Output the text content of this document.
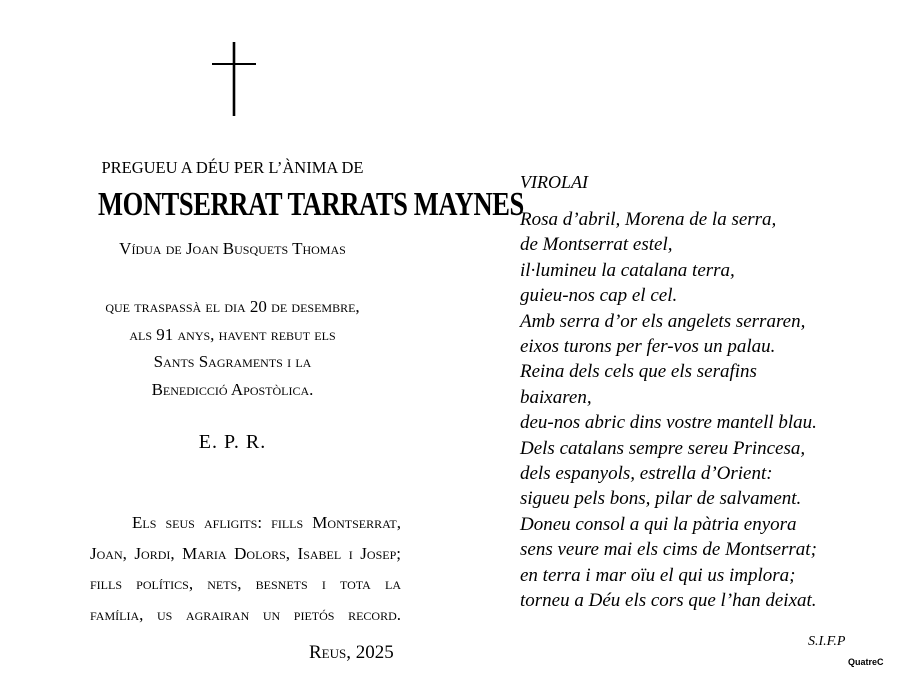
PREGUEU A DÉU PER L’ÀNIMA DE
MONTSERRAT TARRATS MAYNES
Vídua de Joan Busquets Thomas
que traspassà el dia 20 de desembre,
als 91 anys, havent rebut els
Sants Sagraments i la
Benedicció Apostòlica.
E. P. R.

Els seus afligits: fills Montserrat,

Joan, Jordi, Maria Dolors, Isabel i Josep;

fills polítics, nets, besnets i tota la

família, us agrairan un pietós record.

Reus, 2025
VIROLAI
Rosa d’abril, Morena de la serra,
de Montserrat estel,
il·lumineu la catalana terra,
guieu-nos cap el cel.
Amb serra d’or els angelets serraren,
eixos turons per fer-vos un palau.
Reina dels cels que els serafins
baixaren,
deu-nos abric dins vostre mantell blau.
Dels catalans sempre sereu Princesa,
dels espanyols, estrella d’Orient:
sigueu pels bons, pilar de salvament.
Doneu consol a qui la pàtria enyora
sens veure mai els cims de Montserrat;
en terra i mar oïu el qui us implora;
torneu a Déu els cors que l’han deixat.
S.I.F.P
QuatreC
